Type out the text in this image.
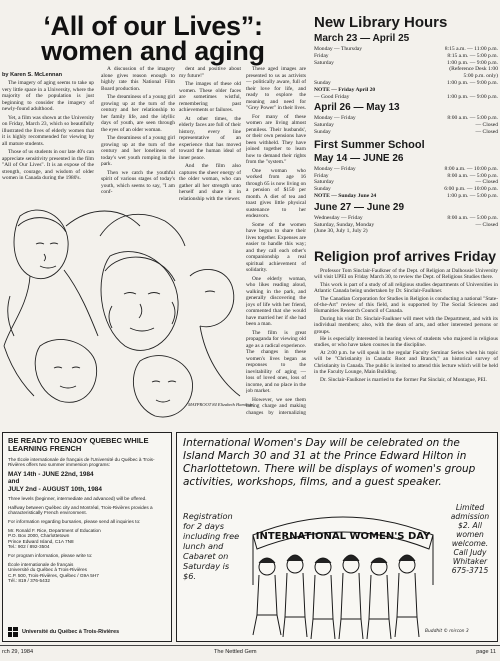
‘All of our Lives”:
women and aging
by Karen S. McLennan

The imagery of aging seems to take up very little space in a University, where the majority of the population is just beginning to consider the imagery of newly-found adulthood.

Yet, a film was shown at the University on Friday, March 23, which so beautifully illustrated the lives of elderly women that it is highly recommended for viewing by all mature students.

Those of us students in our late 40's can appreciate sensitivity presented in the film "All of Our Lives". It is an expose of the strength, courage, and wisdom of older women in Canada during the 1980's.

A discussion of the imagery alone gives reason enough to highly rate this National Film Board production.

The dreaminess of a young girl growing up at the turn of the century and her relationship to her family life, and the idyllic days of youth, are seen through the eyes of an older woman.

The dreaminess of a young girl growing up at the turn of the century and her loneliness of today's wet youth romping in the park.

Then we catch the youthful spirit of various stages of today's youth, which seems to say, "I am conf-

dent and positive about my future!"

The images of these old women. These older faces are sometimes wistful, remembering past achievements or failures.

At other times, the elderly faces are full of their history, every line representative of an experience that has moved toward the human ideal of inner peace.

And the film also captures the sheer energy of the older woman, who can gather all her strength unto herself and share it in relationship with the viewer.

These aged images are presented to us as activists — politically aware, full of their love for life, and ready to explore the meaning and need for "Grey Power" in their lives.

For many of these women are living almost penniless. Their husbands', or their own pensions have been withheld. They have joined together to learn how to demand their rights from the "system."

One woman who worked from age 16 through 65 is now living on a pension of $150 per month. A diet of tea and toast gives little physical sustenance to her endeavors.

Some of the women have begun to share their lives together. Expenses are easier to handle this way; and they call each other's companionship a real spiritual achievement of solidarity.

One elderly woman, who likes reading aloud, walking in the park, and generally discovering the joys of life with her friend, commented that she would have married her if she had been a man.

The film is great propaganda for viewing old age as a radical experience. The changes in these women's lives began as responses to the inevitability of aging — loss of loved ones, loss of income, and no place in the job market.

However, we see them taking charge and making changes by internalizing

MAYPROOT 84 Elizabeth Hamilton
New Library Hours
March 23 — April 25
Monday — Thursday	8:15 a.m. — 11:00 p.m.
Friday	8:15 a.m. — 5:00 p.m.
Saturday	1:00 p.m. — 9:00 p.m.
	(Reference Desk 1:00
	5:00 p.m. only)
Sunday	1:00 p.m. — 9:00 p.m.
NOTE — Friday April 20	
— Good Friday	1:00 p.m. — 9:00 p.m.
April 26 — May 13
Monday — Friday	8:00 a.m. — 5:00 p.m.
Saturday	— Closed
Sunday	— Closed
First Summer School
May 14 — JUNE 26
Monday — Friday	8:00 a.m. — 10:00 p.m.
Friday	8:00 a.m. — 5:00 p.m.
Saturday	— Closed
Sunday	6:00 p.m. — 10:00 p.m.
NOTE — Sunday June 24	1:00 p.m. — 5:00 p.m.
June 27 — June 29
Wednesday — Friday	8:00 a.m. — 5:00 p.m.
Saturday, Sunday, Monday	— Closed
(June 30, July 1, July 2)	
Religion prof arrives Friday

Professor Tom Sinclair-Faulkner of the Dept. of Religion at Dalhousie University will visit UPEI on Friday March 30, to review the Dept. of Religious Studies there.

This work is part of a study of all religious studies departments of Universities in Atlantic Canada being undertaken by Dr. Sinclair-Faulkner.

The Canadian Corporation for Studies in Religion is conducting a national "State-of-the-Art" review of this field, and is supported by The Social Sciences and Humanities Research Council of Canada.

During his visit Dr. Sinclair-Faulkner will meet with the Department, and with its individual members; also, with the dean of arts, and other interested persons or groups.

He is especially interested in hearing views of students who majored in religious studies, or who have taken courses in the discipline.

At 2:00 p.m. he will speak in the regular Faculty Seminar Series when his topic will be "Christianity in Canada: Root and Branch," an historical survey of Christianity in Canada. The public is invited to attend this lecture which will be held in the Faculty Lounge, Main Building.

Dr. Sinclair-Faulkner is married to the former Pat Sinclair, of Montague, PEI.

BE READY TO ENJOY QUEBEC WHILE LEARNING FRENCH
The École internationale de français de l'Université du Québec à Trois-Rivières offers two summer immersion programs:
MAY 14th - JUNE 22nd, 1984
and
JULY 2nd - AUGUST 10th, 1984
Three levels (beginner, intermediate and advanced) will be offered.
Halfway between Québec city and Montréal, Trois-Rivières provides a characteristically French environment.
For information regarding bursaries, please send all inquiries to:
Mr. Ronald F. Rice, Department of Education
P.O. Box 2000, Charlottetown
Prince Edward Island, C1A 7N8
Tel.: 902 / 892-3504
For program information, please write to:
École internationale de français
Université du Québec à Trois-Rivières
C.P. 500, Trois-Rivières, Québec / G9A 5H7
Tél.: 819 / 376-5432
Université du Québec à Trois-Rivières
International Women's Day will be celebrated on the Island March 30 and 31 at the Prince Edward Hilton in Charlottetown. There will be displays of women's group activities, workshops, films, and a guest speaker.
Registration for 2 days including free lunch and Cabaret on Saturday is $6.
INTERNATIONAL WOMEN'S DAY
Limited admission $2. All women welcome. Call Judy Whitaker 675-3715
Buddhit © mircon 3
rch 29, 1984	The Nettled Gem	page 11
